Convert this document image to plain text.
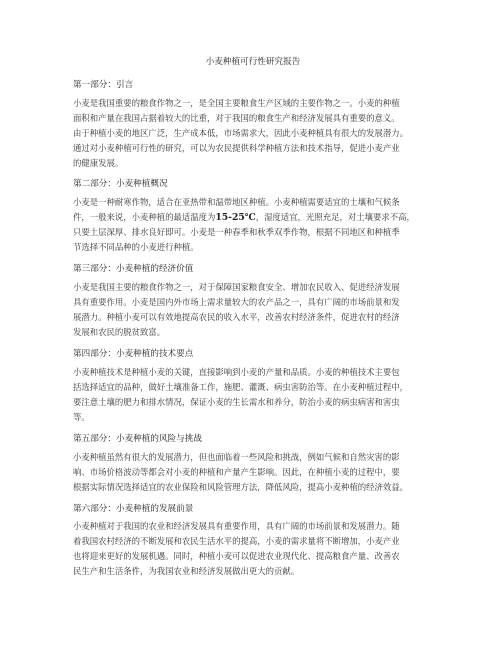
小麦种植可行性研究报告
第一部分：引言
小麦是我国重要的粮食作物之一，是全国主要粮食生产区域的主要作物之一。小麦的种植
面积和产量在我国占据着较大的比重，对于我国的粮食生产和经济发展具有重要的意义。
由于种植小麦的地区广泛，生产成本低，市场需求大，因此小麦种植具有很大的发展潜力。
通过对小麦种植可行性的研究，可以为农民提供科学种植方法和技术指导，促进小麦产业
的健康发展。
第二部分：小麦种植概况
小麦是一种耐寒作物，适合在亚热带和温带地区种植。小麦种植需要适宜的土壤和气候条
件，一般来说，小麦种植的最适温度为15-25℃，湿度适宜，光照充足，对土壤要求不高，
只要土层深厚、排水良好即可。小麦是一种春季和秋季双季作物，根据不同地区和种植季
节选择不同品种的小麦进行种植。
第三部分：小麦种植的经济价值
小麦是我国主要的粮食作物之一，对于保障国家粮食安全、增加农民收入、促进经济发展
具有重要作用。小麦是国内外市场上需求量较大的农产品之一，具有广阔的市场前景和发
展潜力。种植小麦可以有效地提高农民的收入水平，改善农村经济条件，促进农村的经济
发展和农民的脱贫致富。
第四部分：小麦种植的技术要点
小麦种植技术是种植小麦的关键，直接影响到小麦的产量和品质。小麦的种植技术主要包
括选择适宜的品种，做好土壤准备工作，施肥、灌溉、病虫害防治等。在小麦种植过程中，
要注意土壤的肥力和排水情况，保证小麦的生长需水和养分，防治小麦的病虫病害和害虫
等。
第五部分：小麦种植的风险与挑战
小麦种植虽然有很大的发展潜力，但也面临着一些风险和挑战，例如气候和自然灾害的影
响、市场价格波动等都会对小麦的种植和产量产生影响。因此，在种植小麦的过程中，要
根据实际情况选择适宜的农业保险和风险管理方法，降低风险，提高小麦种植的经济效益。
第六部分：小麦种植的发展前景
小麦种植对于我国的农业和经济发展具有重要作用，具有广阔的市场前景和发展潜力。随
着我国农村经济的不断发展和农民生活水平的提高，小麦的需求量将不断增加，小麦产业
也将迎来更好的发展机遇。同时，种植小麦可以促进农业现代化、提高粮食产量、改善农
民生产和生活条件，为我国农业和经济发展做出更大的贡献。
